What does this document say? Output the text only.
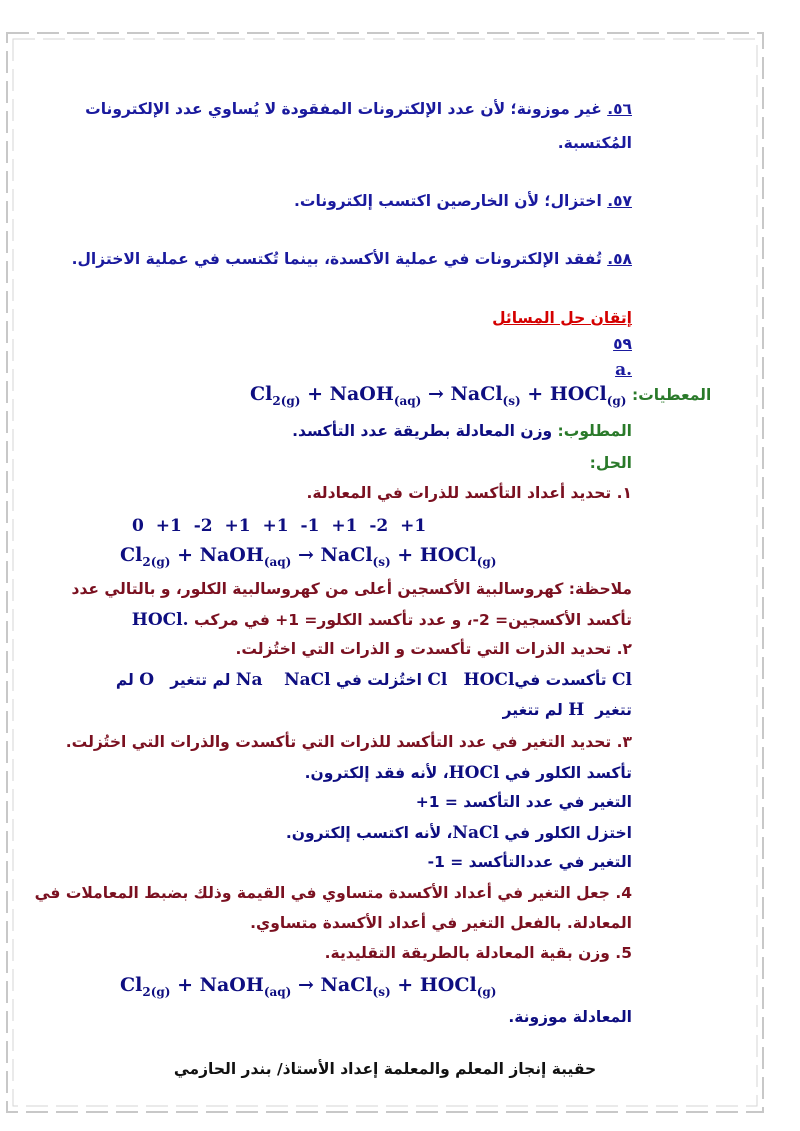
٥٦. غير موزونة؛ لأن عدد الإلكترونات المفقودة لا يُساوي عدد الإلكترونات
المُكتسبة.
٥٧. اختزال؛ لأن الخارصين اكتسب إلكترونات.
٥٨. تُفقد الإلكترونات في عملية الأكسدة، بينما تُكتسب في عملية الاختزال.
إتقان حل المسائل
٥٩
a.
المعطيات: $Cl_{2(g)}$ + NaOH$_{(aq)}$ → NaCl$_{(s)}$ + HOCl$_{(g)}$
المطلوب: وزن المعادلة بطريقة عدد التأكسد.
الحل:
١. تحديد أعداد التأكسد للذرات في المعادلة.
0 +1 -2 +1 +1 -1 +1 -2 +1
$Cl_{2(g)}$ + NaOH$_{(aq)}$ → NaCl$_{(s)}$ + HOCl$_{(g)}$
ملاحظة: كهروسالبية الأكسجين أعلى من كهروسالبية الكلور، و بالتالي عدد
تأكسد الأكسجين= 2-، و عدد تأكسد الكلور= 1+ في مركب HOCl.
٢. تحديد الذرات التي تأكسدت و الذرات التي اختُزلت.
Cl تأكسدت فيHOCl   Cl اختُزلت في NaCl    Na لم تتغير   O لم
تتغير  H لم تتغير
٣. تحديد التغير في عدد التأكسد للذرات التي تأكسدت والذرات التي اختُزلت.
تأكسد الكلور في HOCl، لأنه فقد إلكترون.
التغير في عدد التأكسد = 1+
اختزل الكلور في NaCl، لأنه اكتسب إلكترون.
التغير في عددالتأكسد = 1-
4. جعل التغير في أعداد الأكسدة متساوي في القيمة وذلك بضبط المعاملات في
المعادلة. بالفعل التغير في أعداد الأكسدة متساوي.
5. وزن بقية المعادلة بالطريقة التقليدية.
$Cl_{2(g)}$ + NaOH$_{(aq)}$ → NaCl$_{(s)}$ + HOCl$_{(g)}$
المعادلة موزونة.
حقيبة إنجاز المعلم والمعلمة إعداد الأستاذ/ بندر الحازمي
